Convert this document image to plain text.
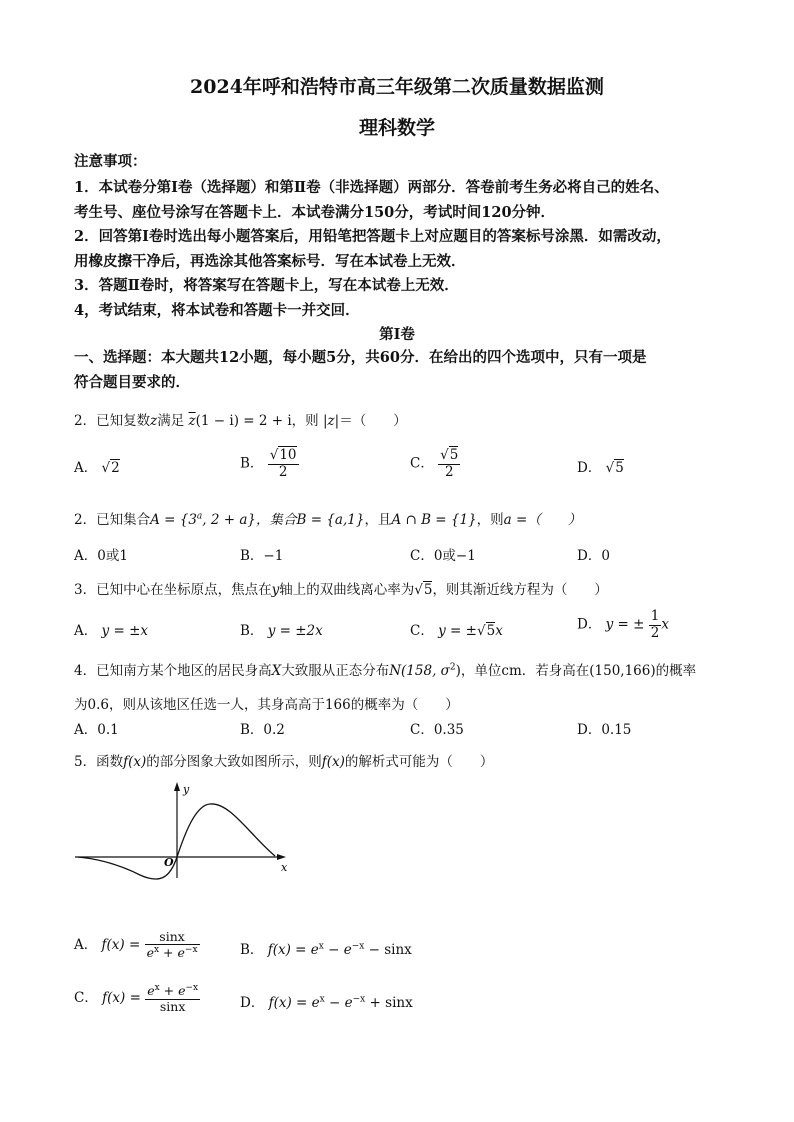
2024年呼和浩特市高三年级第二次质量数据监测
理科数学
注意事项：
1．本试卷分第Ⅰ卷（选择题）和第Ⅱ卷（非选择题）两部分．答卷前考生务必将自己的姓名、
考生号、座位号涂写在答题卡上．本试卷满分150分，考试时间120分钟．
2．回答第Ⅰ卷时选出每小题答案后，用铅笔把答题卡上对应题目的答案标号涂黑．如需改动，
用橡皮擦干净后，再选涂其他答案标号．写在本试卷上无效．
3．答题Ⅱ卷时，将答案写在答题卡上，写在本试卷上无效．
4，考试结束，将本试卷和答题卡一并交回．
第Ⅰ卷
一、选择题：本大题共12小题，每小题5分，共60分．在给出的四个选项中，只有一项是
符合题目要求的．
2．已知复数z满足 $\overline{z}(1 - i) = 2 + i$，则 |z|＝（　　）
A． √2	B． $\frac{√10}{2}$	C． $\frac{√5}{2}$	D． √5
2．已知集合$A = \{3^a$, 2 + a}，集合B = {a,1}，且A ∩ B = {1}，则a =（　　）
A．0或1	B．−1	C．0或−1	D．0
3．已知中心在坐标原点，焦点在y轴上的双曲线离心率为√5，则其渐近线方程为（　　）
A． y = ±x	B． y = ±2x	C． y = ±√5x	D． y = ± $\frac{1}{2}$ x
4．已知南方某个地区的居民身高X大致服从正态分布N(158, $\sigma^2$)，单位cm．若身高在(150,166)的概率
为0.6，则从该地区任选一人，其身高高于166的概率为（　　）
A．0.1	B．0.2	C．0.35	D．0.15
5．函数f(x)的部分图象大致如图所示，则f(x)的解析式可能为（　　）
y
x
O
A． $f(x) = \frac{\sin x}{e^x + e^{-x}}$	B． $f(x) = e^x - e^{-x} - \sin x$
C． $f(x) = \frac{e^x + e^{-x}}{\sin x}$	D． $f(x) = e^x - e^{-x} + \sin x$
